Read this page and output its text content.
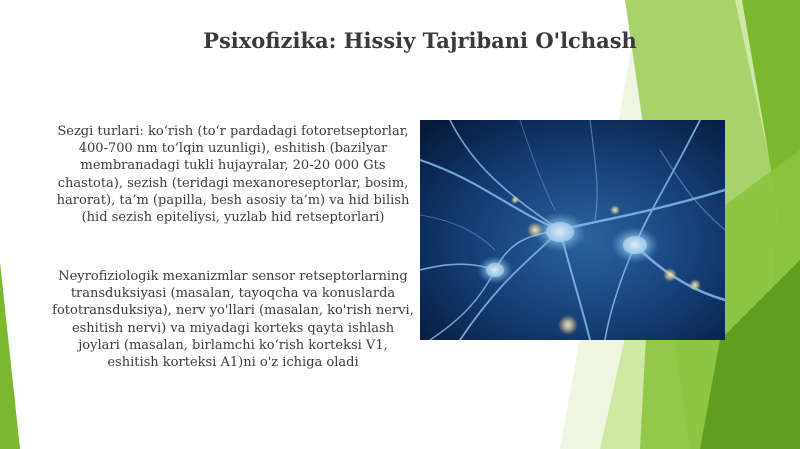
Psixofizika: Hissiy Tajribani O'lchash
Sezgi turlari: ko‘rish (to‘r pardadagi fotoretseptorlar, 400-700 nm to‘lqin uzunligi), eshitish (bazilyar membranadagi tukli hujayralar, 20-20 000 Gts chastota), sezish (teridagi mexanoreseptorlar, bosim, harorat), ta’m (papilla, besh asosiy ta’m) va hid bilish (hid sezish epiteliysi, yuzlab hid retseptorlari)
Neyrofiziologik mexanizmlar sensor retseptorlarning transduksiyasi (masalan, tayoqcha va konuslarda fototransduksiya), nerv yo'llari (masalan, ko'rish nervi, eshitish nervi) va miyadagi korteks qayta ishlash joylari (masalan, birlamchi ko‘rish korteksi V1, eshitish korteksi A1)ni o'z ichiga oladi
